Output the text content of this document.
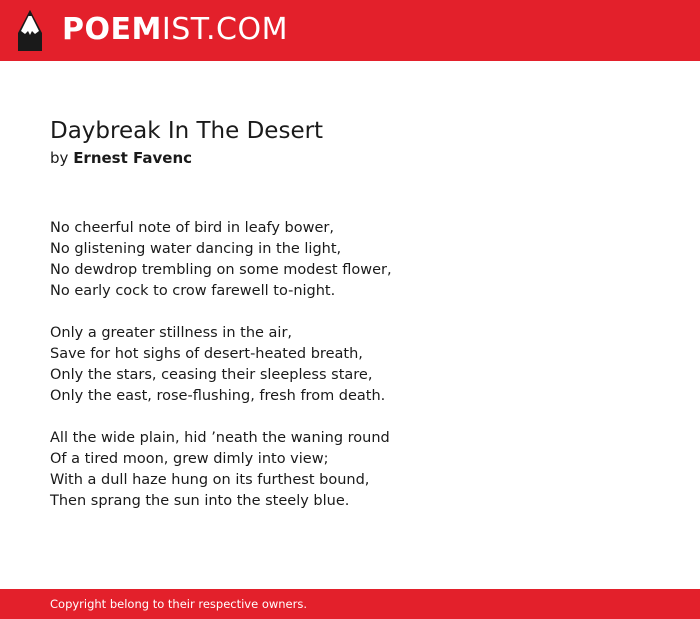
POEMIST.COM
Daybreak In The Desert
by Ernest Favenc
No cheerful note of bird in leafy bower,
No glistening water dancing in the light,
No dewdrop trembling on some modest flower,
No early cock to crow farewell to-night.
Only a greater stillness in the air,
Save for hot sighs of desert-heated breath,
Only the stars, ceasing their sleepless stare,
Only the east, rose-flushing, fresh from death.
All the wide plain, hid ’neath the waning round
Of a tired moon, grew dimly into view;
With a dull haze hung on its furthest bound,
Then sprang the sun into the steely blue.
Copyright belong to their respective owners.
